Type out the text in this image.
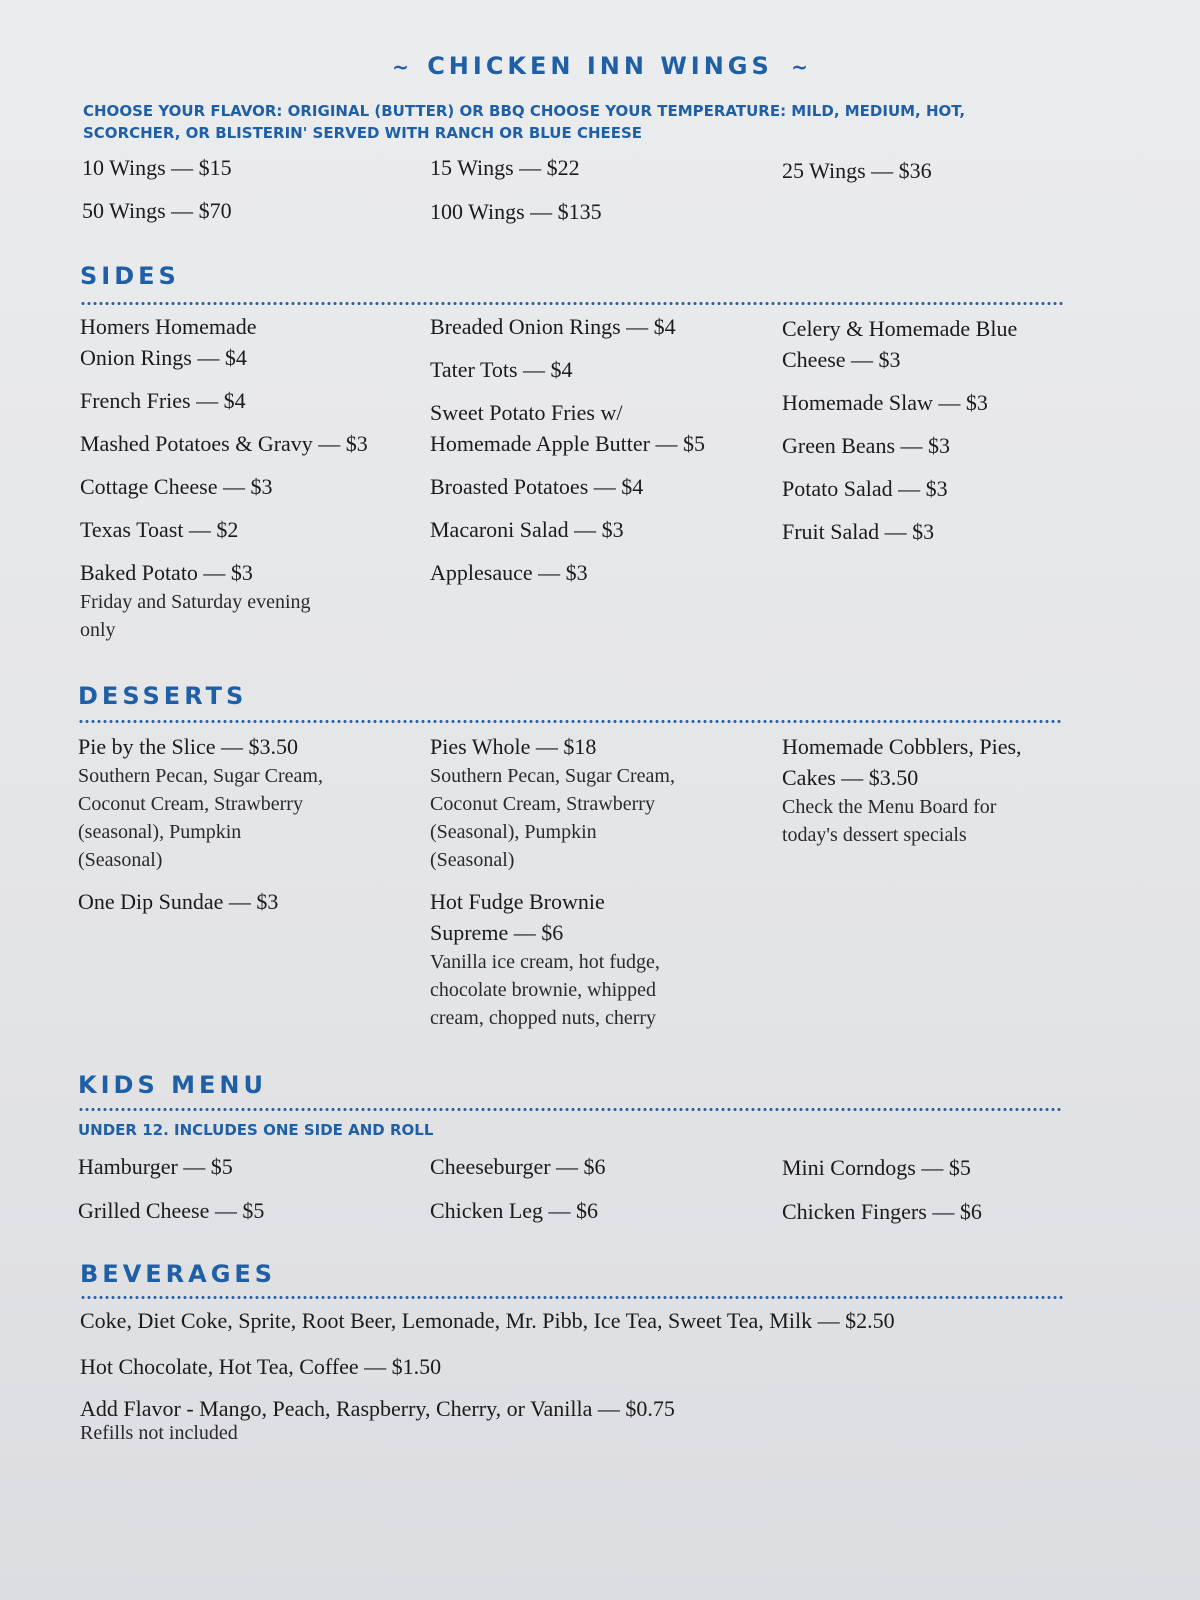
~ CHICKEN INN WINGS ~
CHOOSE YOUR FLAVOR: ORIGINAL (BUTTER) OR BBQ CHOOSE YOUR TEMPERATURE: MILD, MEDIUM, HOT, SCORCHER, OR BLISTERIN' SERVED WITH RANCH OR BLUE CHEESE
10 Wings — $15	15 Wings — $22	25 Wings — $36
50 Wings — $70	100 Wings — $135
SIDES
Homers Homemade Onion Rings — $4
French Fries — $4
Mashed Potatoes & Gravy — $3
Cottage Cheese — $3
Texas Toast — $2
Baked Potato — $3
Friday and Saturday evening only
Breaded Onion Rings — $4
Tater Tots — $4
Sweet Potato Fries w/ Homemade Apple Butter — $5
Broasted Potatoes — $4
Macaroni Salad — $3
Applesauce — $3
Celery & Homemade Blue Cheese — $3
Homemade Slaw — $3
Green Beans — $3
Potato Salad — $3
Fruit Salad — $3
DESSERTS
Pie by the Slice — $3.50
Southern Pecan, Sugar Cream, Coconut Cream, Strawberry (seasonal), Pumpkin (Seasonal)
One Dip Sundae — $3
Pies Whole — $18
Southern Pecan, Sugar Cream, Coconut Cream, Strawberry (Seasonal), Pumpkin (Seasonal)
Hot Fudge Brownie Supreme — $6
Vanilla ice cream, hot fudge, chocolate brownie, whipped cream, chopped nuts, cherry
Homemade Cobblers, Pies, Cakes — $3.50
Check the Menu Board for today's dessert specials
KIDS MENU
UNDER 12. INCLUDES ONE SIDE AND ROLL
Hamburger — $5
Grilled Cheese — $5
Cheeseburger — $6
Chicken Leg — $6
Mini Corndogs — $5
Chicken Fingers — $6
BEVERAGES
Coke, Diet Coke, Sprite, Root Beer, Lemonade, Mr. Pibb, Ice Tea, Sweet Tea, Milk — $2.50
Hot Chocolate, Hot Tea, Coffee — $1.50
Add Flavor - Mango, Peach, Raspberry, Cherry, or Vanilla — $0.75
Refills not included
